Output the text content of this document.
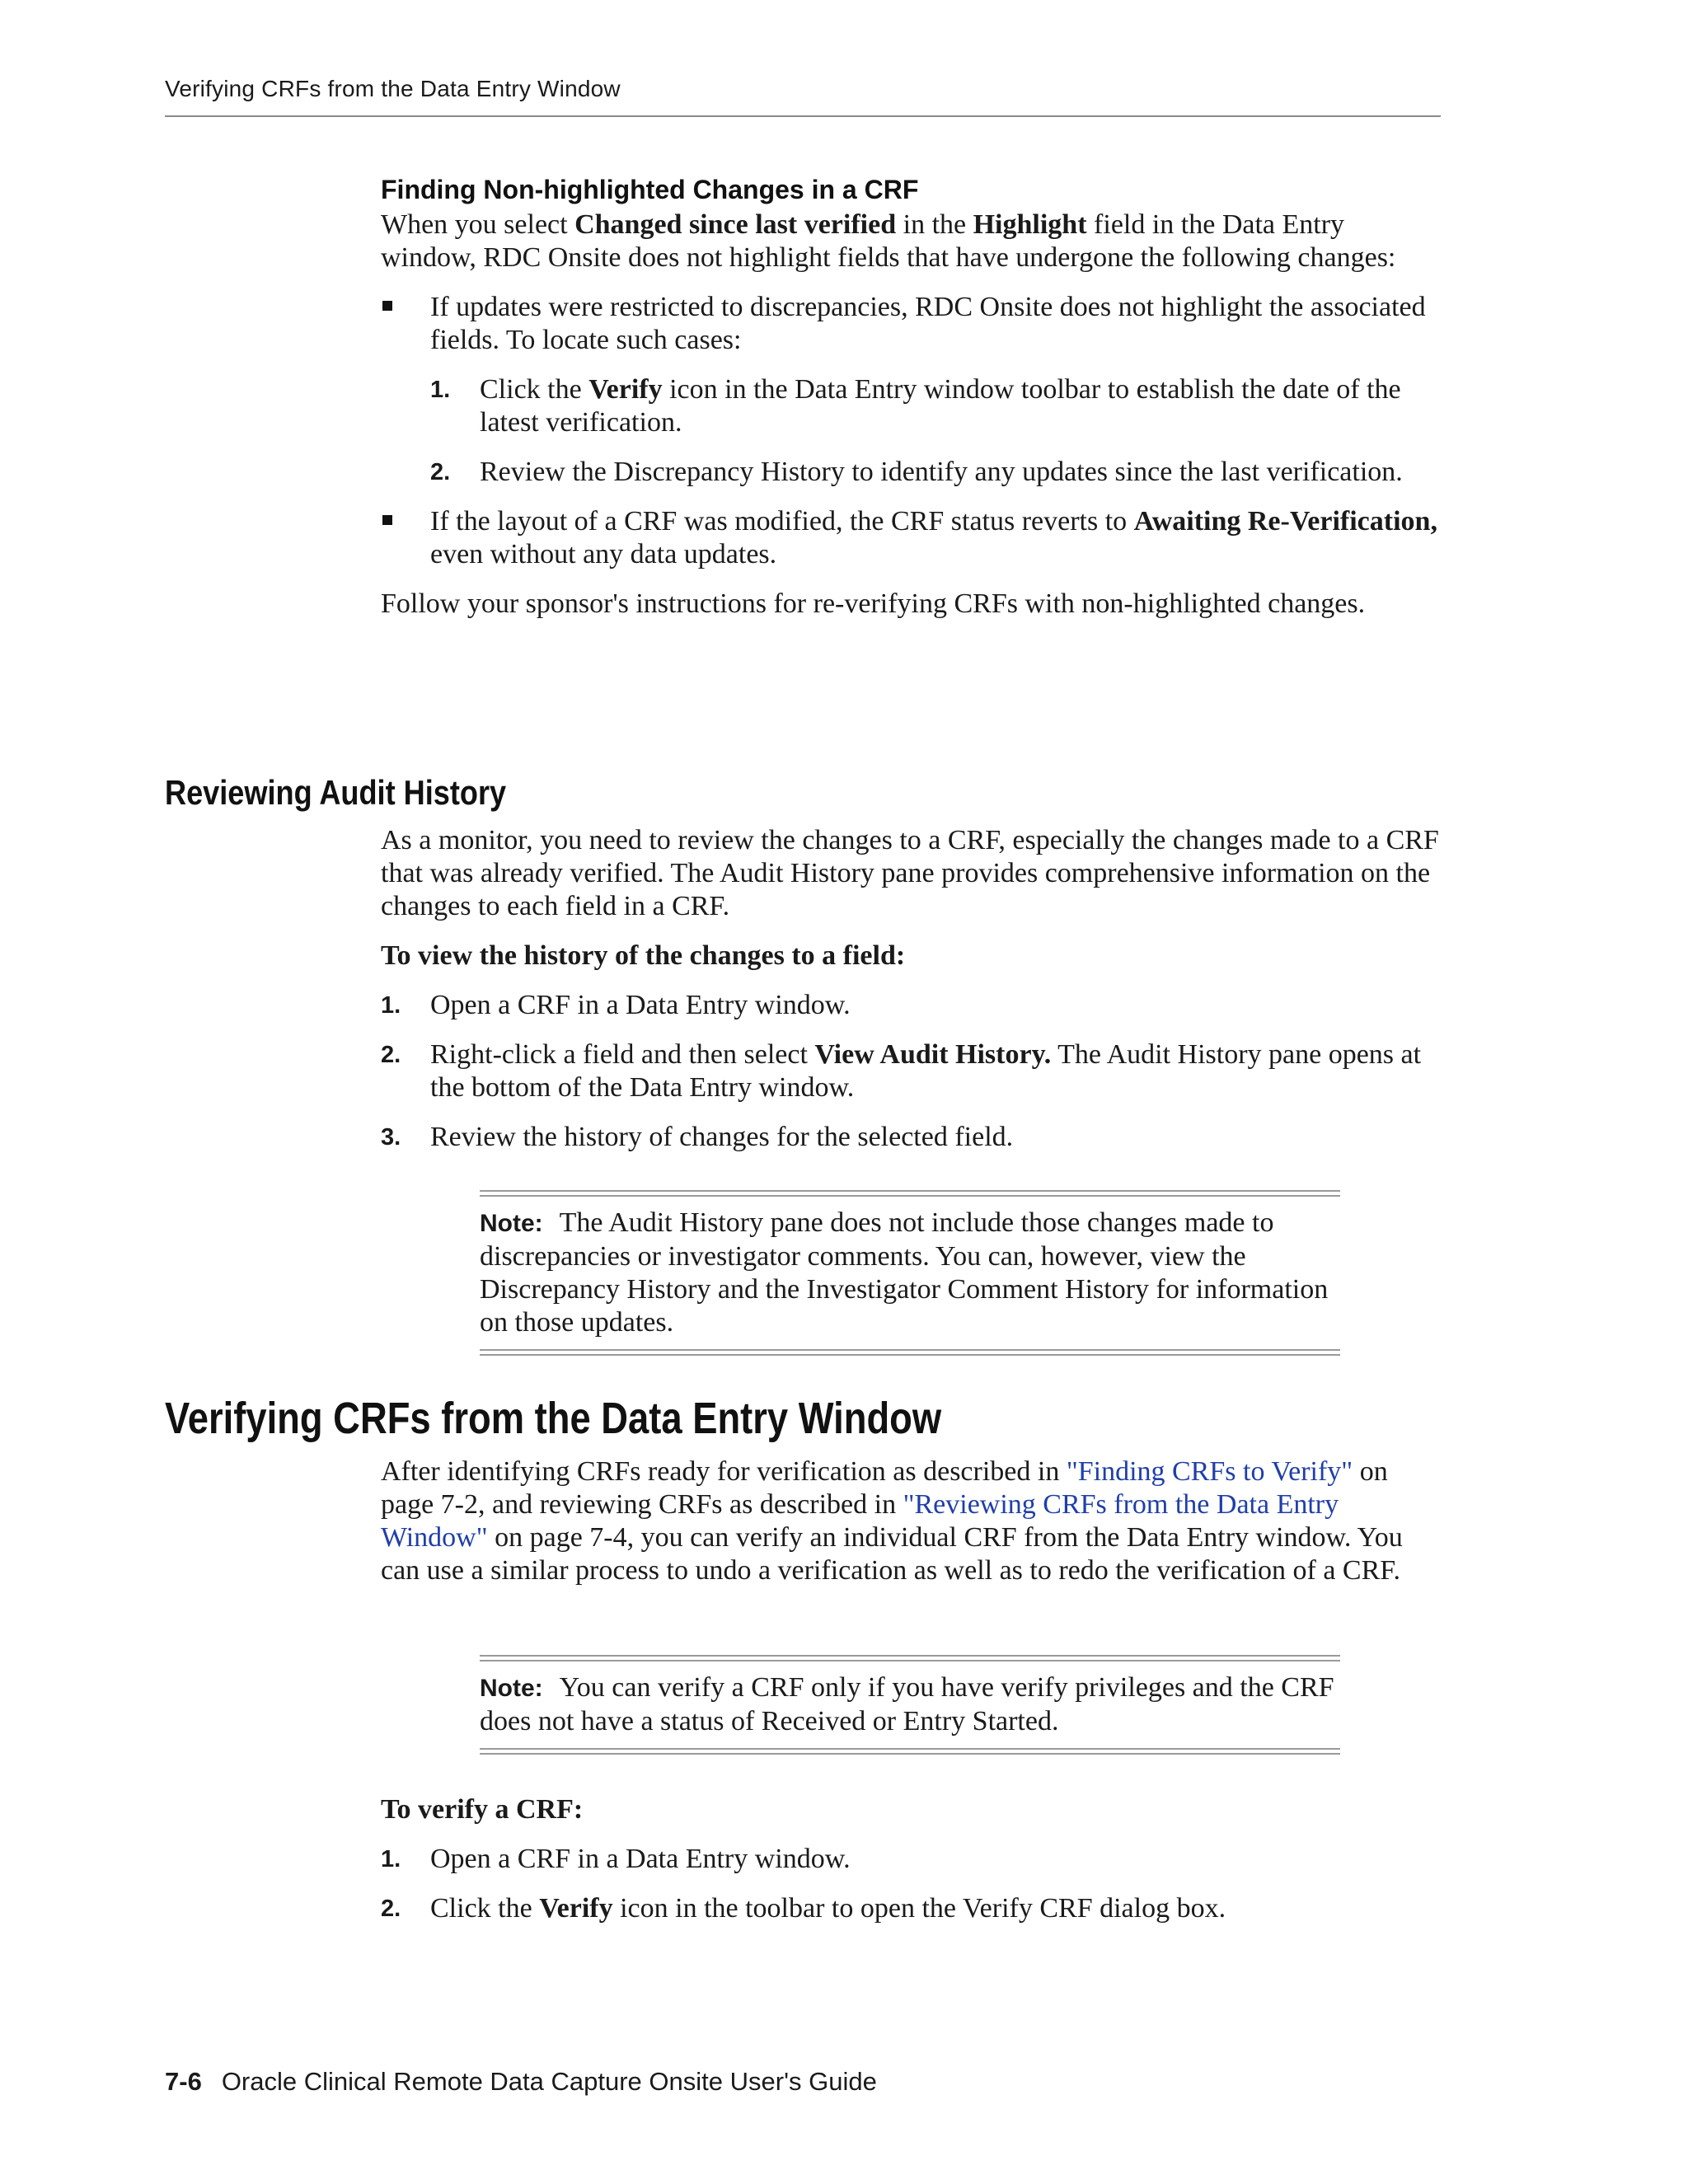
Verifying CRFs from the Data Entry Window
Finding Non-highlighted Changes in a CRF

When you select Changed since last verified in the Highlight field in the Data Entry window, RDC Onsite does not highlight fields that have undergone the following changes:

If updates were restricted to discrepancies, RDC Onsite does not highlight the associated fields. To locate such cases:
1. Click the Verify icon in the Data Entry window toolbar to establish the date of the latest verification.
2. Review the Discrepancy History to identify any updates since the last verification.
If the layout of a CRF was modified, the CRF status reverts to Awaiting Re-Verification, even without any data updates.

Follow your sponsor's instructions for re-verifying CRFs with non-highlighted changes.

Reviewing Audit History

As a monitor, you need to review the changes to a CRF, especially the changes made to a CRF that was already verified. The Audit History pane provides comprehensive information on the changes to each field in a CRF.

To view the history of the changes to a field:

1. Open a CRF in a Data Entry window.
2. Right-click a field and then select View Audit History. The Audit History pane opens at the bottom of the Data Entry window.
3. Review the history of changes for the selected field.

Note: The Audit History pane does not include those changes made to discrepancies or investigator comments. You can, however, view the Discrepancy History and the Investigator Comment History for information on those updates.

Verifying CRFs from the Data Entry Window

After identifying CRFs ready for verification as described in "Finding CRFs to Verify" on page 7-2, and reviewing CRFs as described in "Reviewing CRFs from the Data Entry Window" on page 7-4, you can verify an individual CRF from the Data Entry window. You can use a similar process to undo a verification as well as to redo the verification of a CRF.

Note: You can verify a CRF only if you have verify privileges and the CRF does not have a status of Received or Entry Started.

To verify a CRF:

1. Open a CRF in a Data Entry window.
2. Click the Verify icon in the toolbar to open the Verify CRF dialog box.
7-6 Oracle Clinical Remote Data Capture Onsite User's Guide
